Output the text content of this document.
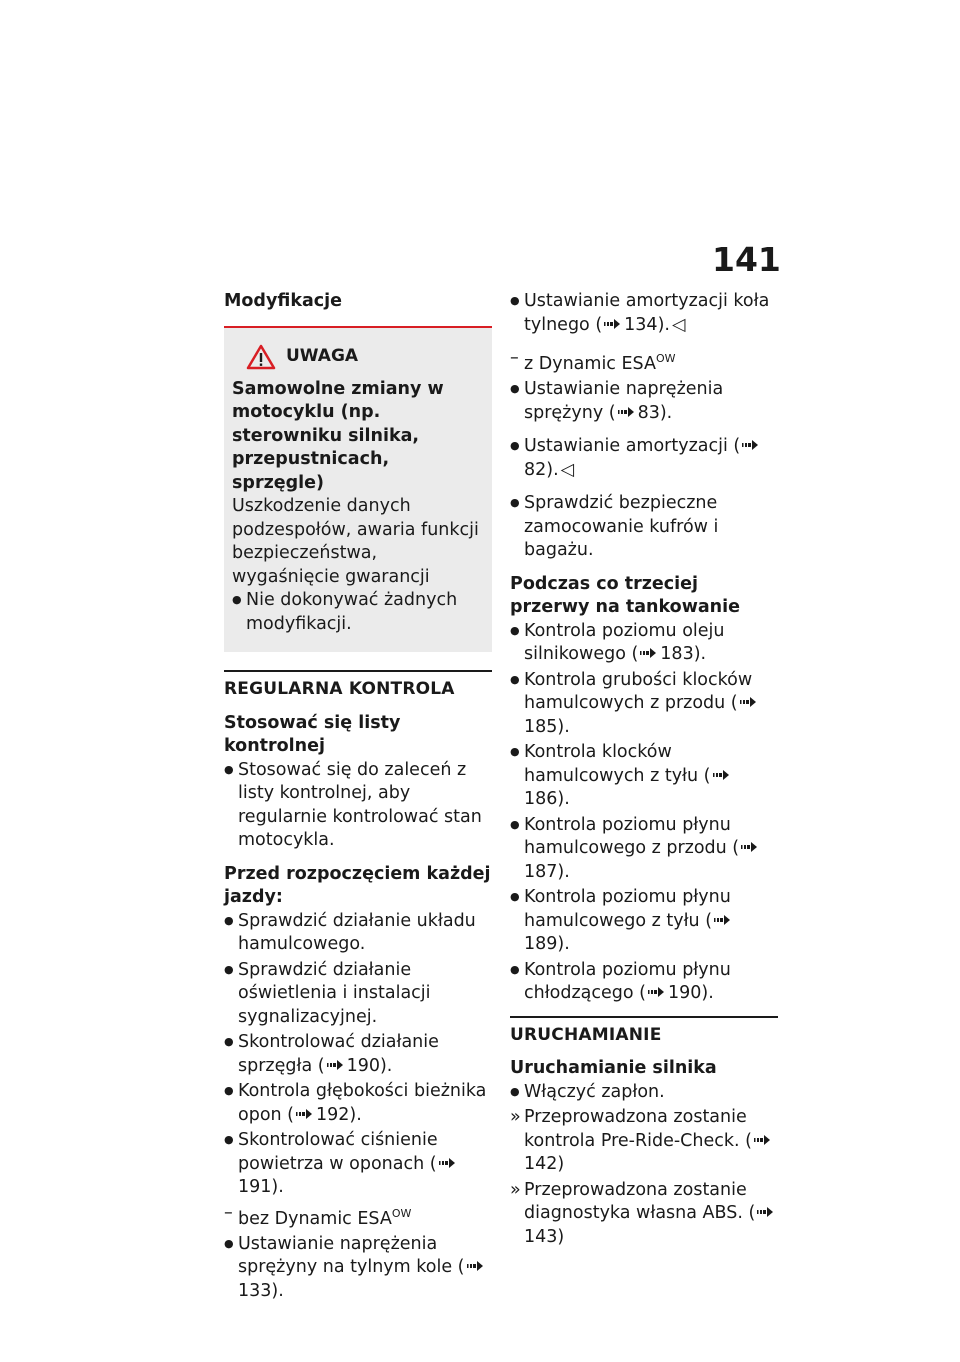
141
Modyfikacje
UWAGA
Samowolne zmiany w motocyklu (np. sterowniku silnika, przepustnicach, sprzęgle)
Uszkodzenie danych podzespołów, awaria funkcji bezpieczeństwa, wygaśnięcie gwarancji
● Nie dokonywać żadnych modyfikacji.
REGULARNA KONTROLA
Stosować się listy kontrolnej
● Stosować się do zaleceń z listy kontrolnej, aby regularnie kontrolować stan motocykla.
Przed rozpoczęciem każdej jazdy:
● Sprawdzić działanie układu hamulcowego.
● Sprawdzić działanie oświetlenia i instalacji sygnalizacyjnej.
● Skontrolować działanie sprzęgła ( 190).
● Kontrola głębokości bieżnika opon ( 192).
● Skontrolować ciśnienie powietrza w oponach (191).
– bez Dynamic $ESA^{OW}$
● Ustawianie naprężenia sprężyny na tylnym kole (133).
● Ustawianie amortyzacji koła tylnego ( 134). ◁
– z Dynamic $ESA^{OW}$
● Ustawianie naprężenia sprężyny ( 83).
● Ustawianie amortyzacji (82). ◁
● Sprawdzić bezpieczne zamocowanie kufrów i bagażu.
Podczas co trzeciej przerwy na tankowanie
● Kontrola poziomu oleju silnikowego ( 183).
● Kontrola grubości klocków hamulcowych z przodu (185).
● Kontrola klocków hamulcowych z tyłu (186).
● Kontrola poziomu płynu hamulcowego z przodu (187).
● Kontrola poziomu płynu hamulcowego z tyłu (189).
● Kontrola poziomu płynu chłodzącego ( 190).
URUCHAMIANIE
Uruchamianie silnika
● Włączyć zapłon.
» Przeprowadzona zostanie kontrola Pre-Ride-Check. (142)
» Przeprowadzona zostanie diagnostyka własna ABS. (143)
